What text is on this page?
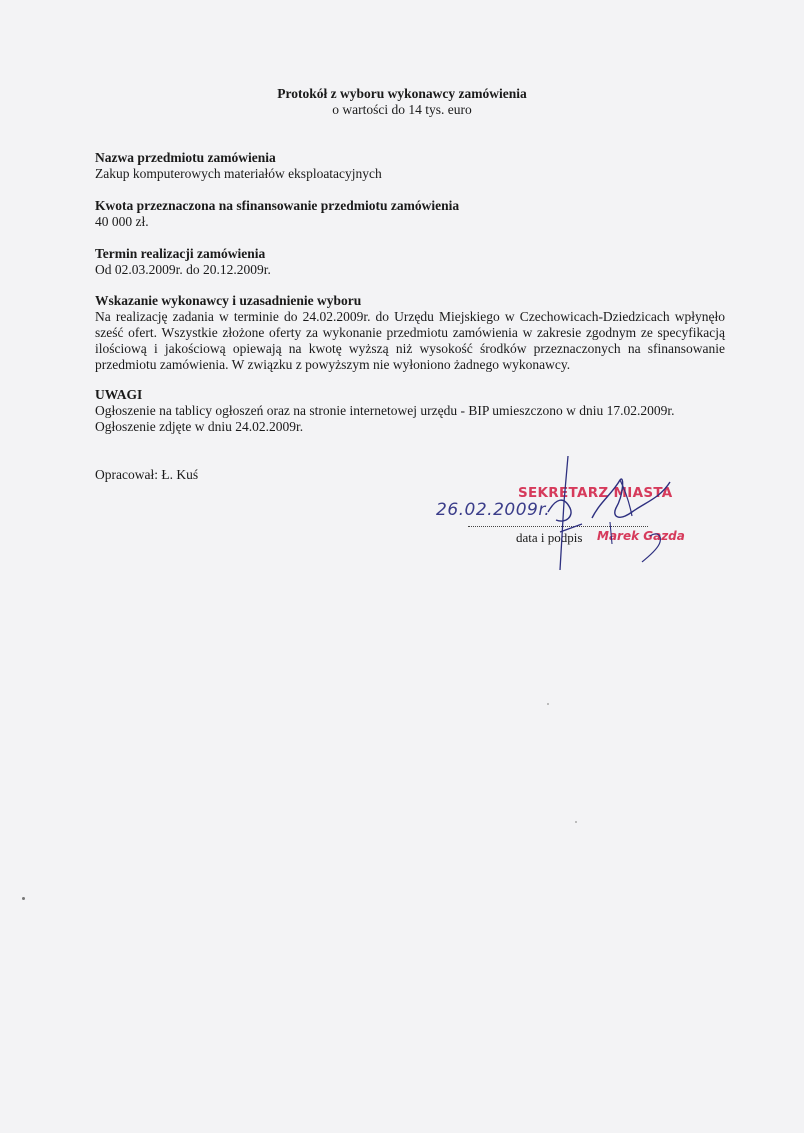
Protokół z wyboru wykonawcy zamówienia
o wartości do 14 tys. euro
Nazwa przedmiotu zamówienia

Zakup komputerowych materiałów eksploatacyjnych

Kwota przeznaczona na sfinansowanie przedmiotu zamówienia

40 000 zł.

Termin realizacji zamówienia

Od 02.03.2009r. do 20.12.2009r.

Wskazanie wykonawcy i uzasadnienie wyboru

Na realizację zadania w terminie do 24.02.2009r. do Urzędu Miejskiego w Czechowicach-Dziedzicach wpłynęło sześć ofert. Wszystkie złożone oferty za wykonanie przedmiotu zamówienia w zakresie zgodnym ze specyfikacją ilościową i jakościową opiewają na kwotę wyższą niż wysokość środków przeznaczonych na sfinansowanie przedmiotu zamówienia. W związku z powyższym nie wyłoniono żadnego wykonawcy.

UWAGI

Ogłoszenie na tablicy ogłoszeń oraz na stronie internetowej urzędu - BIP umieszczono w dniu 17.02.2009r.

Ogłoszenie zdjęte w dniu 24.02.2009r.

Opracował: Ł. Kuś
SEKRETARZ MIASTA
26.02.2009r.
data i podpis Marek Gazda
